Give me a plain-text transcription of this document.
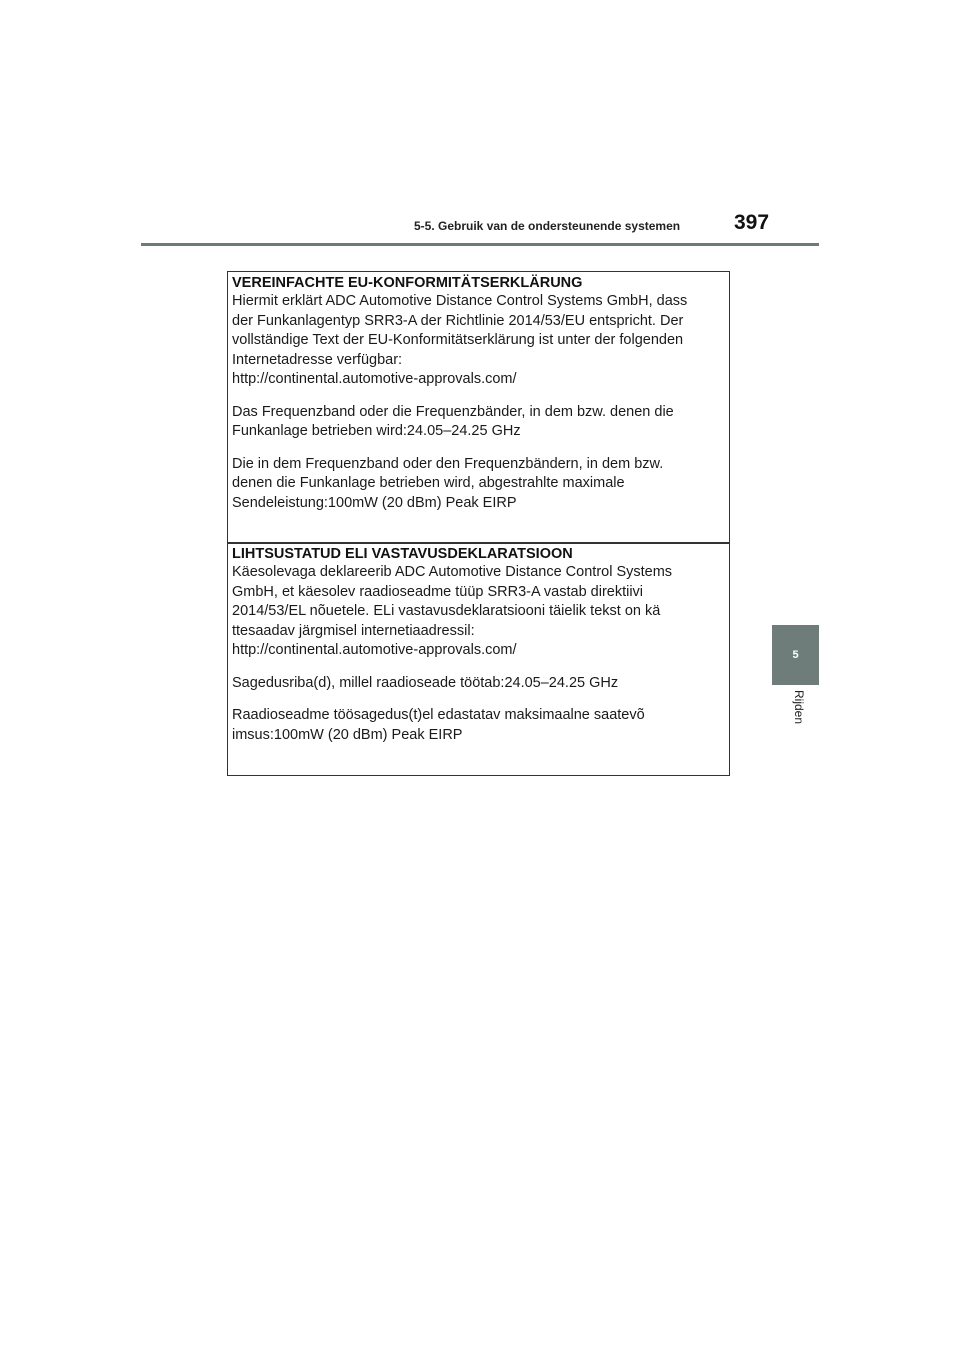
5-5. Gebruik van de ondersteunende systemen	397
5
Rijden
VEREINFACHTE EU-KONFORMITÄTSERKLÄRUNG

Hiermit erklärt ADC Automotive Distance Control Systems GmbH, dass
der Funkanlagentyp SRR3-A der Richtlinie 2014/53/EU entspricht. Der
vollständige Text der EU-Konformitätserklärung ist unter der folgenden
Internetadresse verfügbar:
http://continental.automotive-approvals.com/

Das Frequenzband oder die Frequenzbänder, in dem bzw. denen die
Funkanlage betrieben wird:24.05–24.25 GHz

Die in dem Frequenzband oder den Frequenzbändern, in dem bzw.
denen die Funkanlage betrieben wird, abgestrahlte maximale
Sendeleistung:100mW (20 dBm) Peak EIRP

LIHTSUSTATUD ELI VASTAVUSDEKLARATSIOON

Käesolevaga deklareerib ADC Automotive Distance Control Systems
GmbH, et käesolev raadioseadme tüüp SRR3-A vastab direktiivi
2014/53/EL nõuetele. ELi vastavusdeklaratsiooni täielik tekst on kä
ttesaadav järgmisel internetiaadressil:
http://continental.automotive-approvals.com/

Sagedusriba(d), millel raadioseade töötab:24.05–24.25 GHz

Raadioseadme töösagedus(t)el edastatav maksimaalne saatevõ
imsus:100mW (20 dBm) Peak EIRP
